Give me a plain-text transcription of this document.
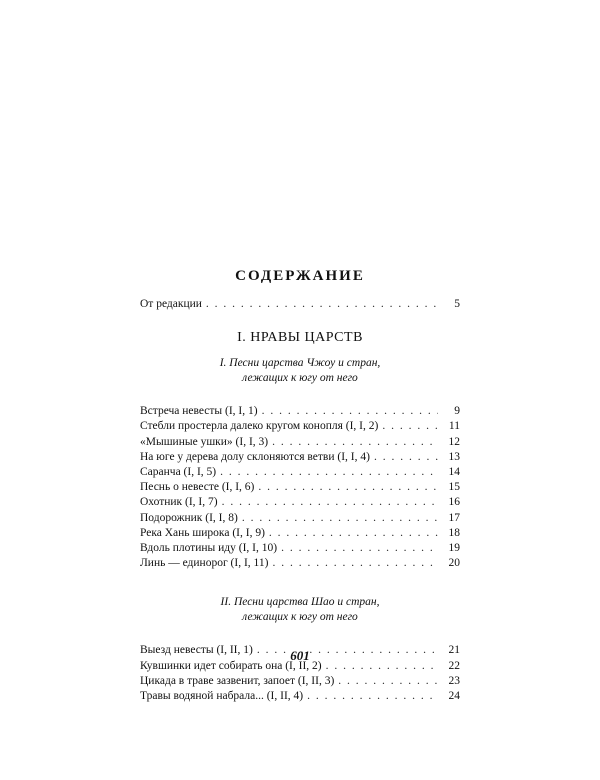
СОДЕРЖАНИЕ
От редакции . . .	5
I. НРАВЫ ЦАРСТВ
I. Песни царства Чжоу и стран,
лежащих к югу от него
Встреча невесты (I, I, 1) . . .	9
Стебли простерла далеко кругом конопля (I, I, 2) . . .	11
«Мышиные ушки» (I, I, 3) . . .	12
На юге у дерева долу склоняются ветви (I, I, 4) . . .	13
Саранча (I, I, 5) . . .	14
Песнь о невесте (I, I, 6) . . .	15
Охотник (I, I, 7) . . .	16
Подорожник (I, I, 8) . . .	17
Река Хань широка (I, I, 9) . . .	18
Вдоль плотины иду (I, I, 10) . . .	19
Линь — единорог (I, I, 11) . . .	20
II. Песни царства Шао и стран,
лежащих к югу от него
Выезд невесты (I, II, 1) . . .	21
Кувшинки идет собирать она (I, II, 2) . . .	22
Цикада в траве зазвенит, запоет (I, II, 3) . . .	23
Травы водяной набрала... (I, II, 4) . . .	24
601
